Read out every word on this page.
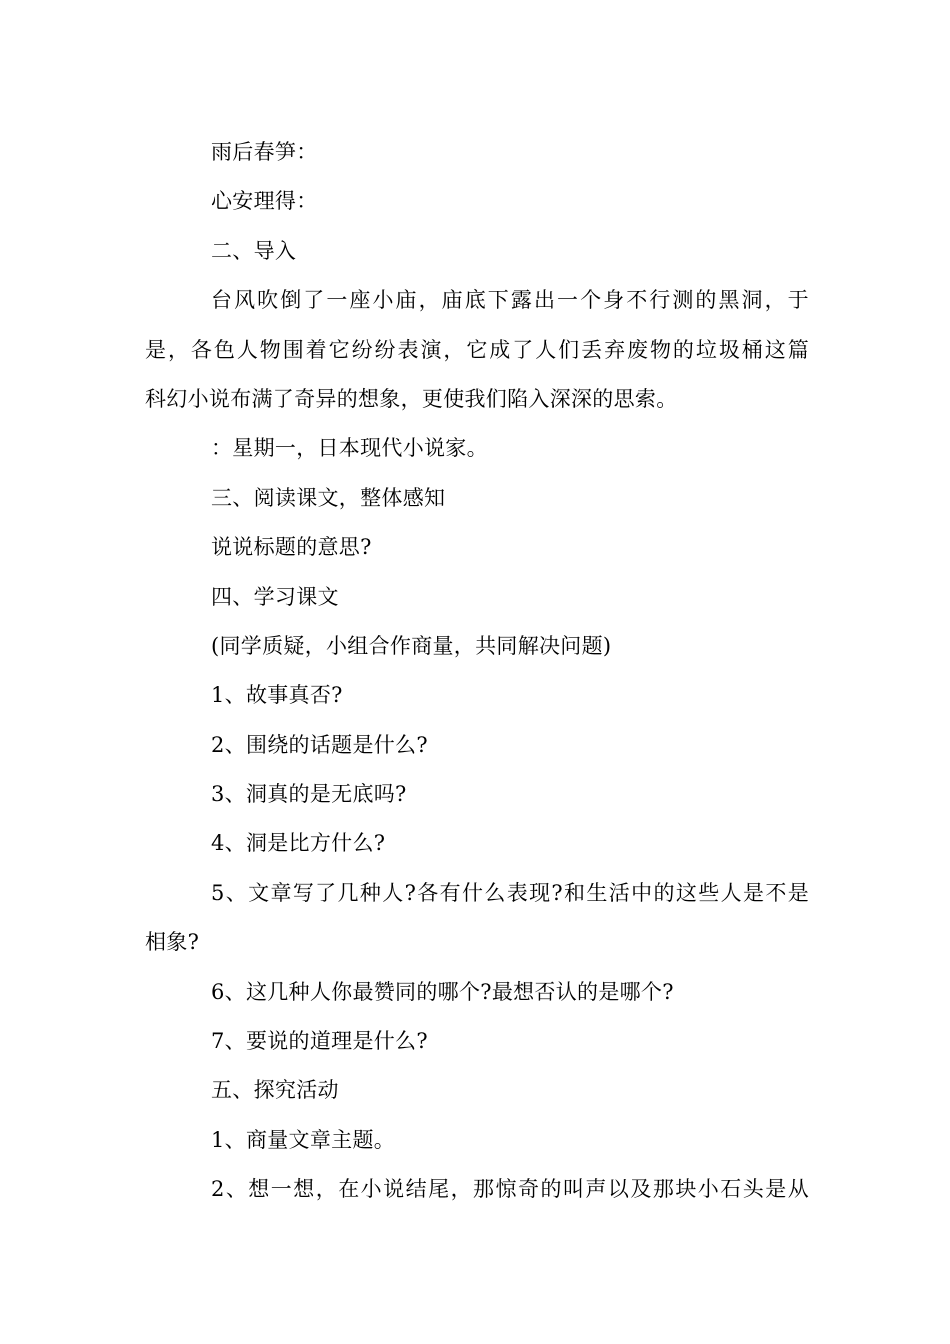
雨后春笋：
心安理得：
二、导入
台风吹倒了一座小庙，庙底下露出一个身不行测的黑洞，于
是，各色人物围着它纷纷表演，它成了人们丢弃废物的垃圾桶这篇
科幻小说布满了奇异的想象，更使我们陷入深深的思索。
：星期一，日本现代小说家。
三、阅读课文，整体感知
说说标题的意思?
四、学习课文
(同学质疑，小组合作商量，共同解决问题)
1、故事真否?
2、围绕的话题是什么?
3、洞真的是无底吗?
4、洞是比方什么?
5、文章写了几种人?各有什么表现?和生活中的这些人是不是
相象?
6、这几种人你最赞同的哪个?最想否认的是哪个?
7、要说的道理是什么?
五、探究活动
1、商量文章主题。
2、想一想，在小说结尾，那惊奇的叫声以及那块小石头是从
